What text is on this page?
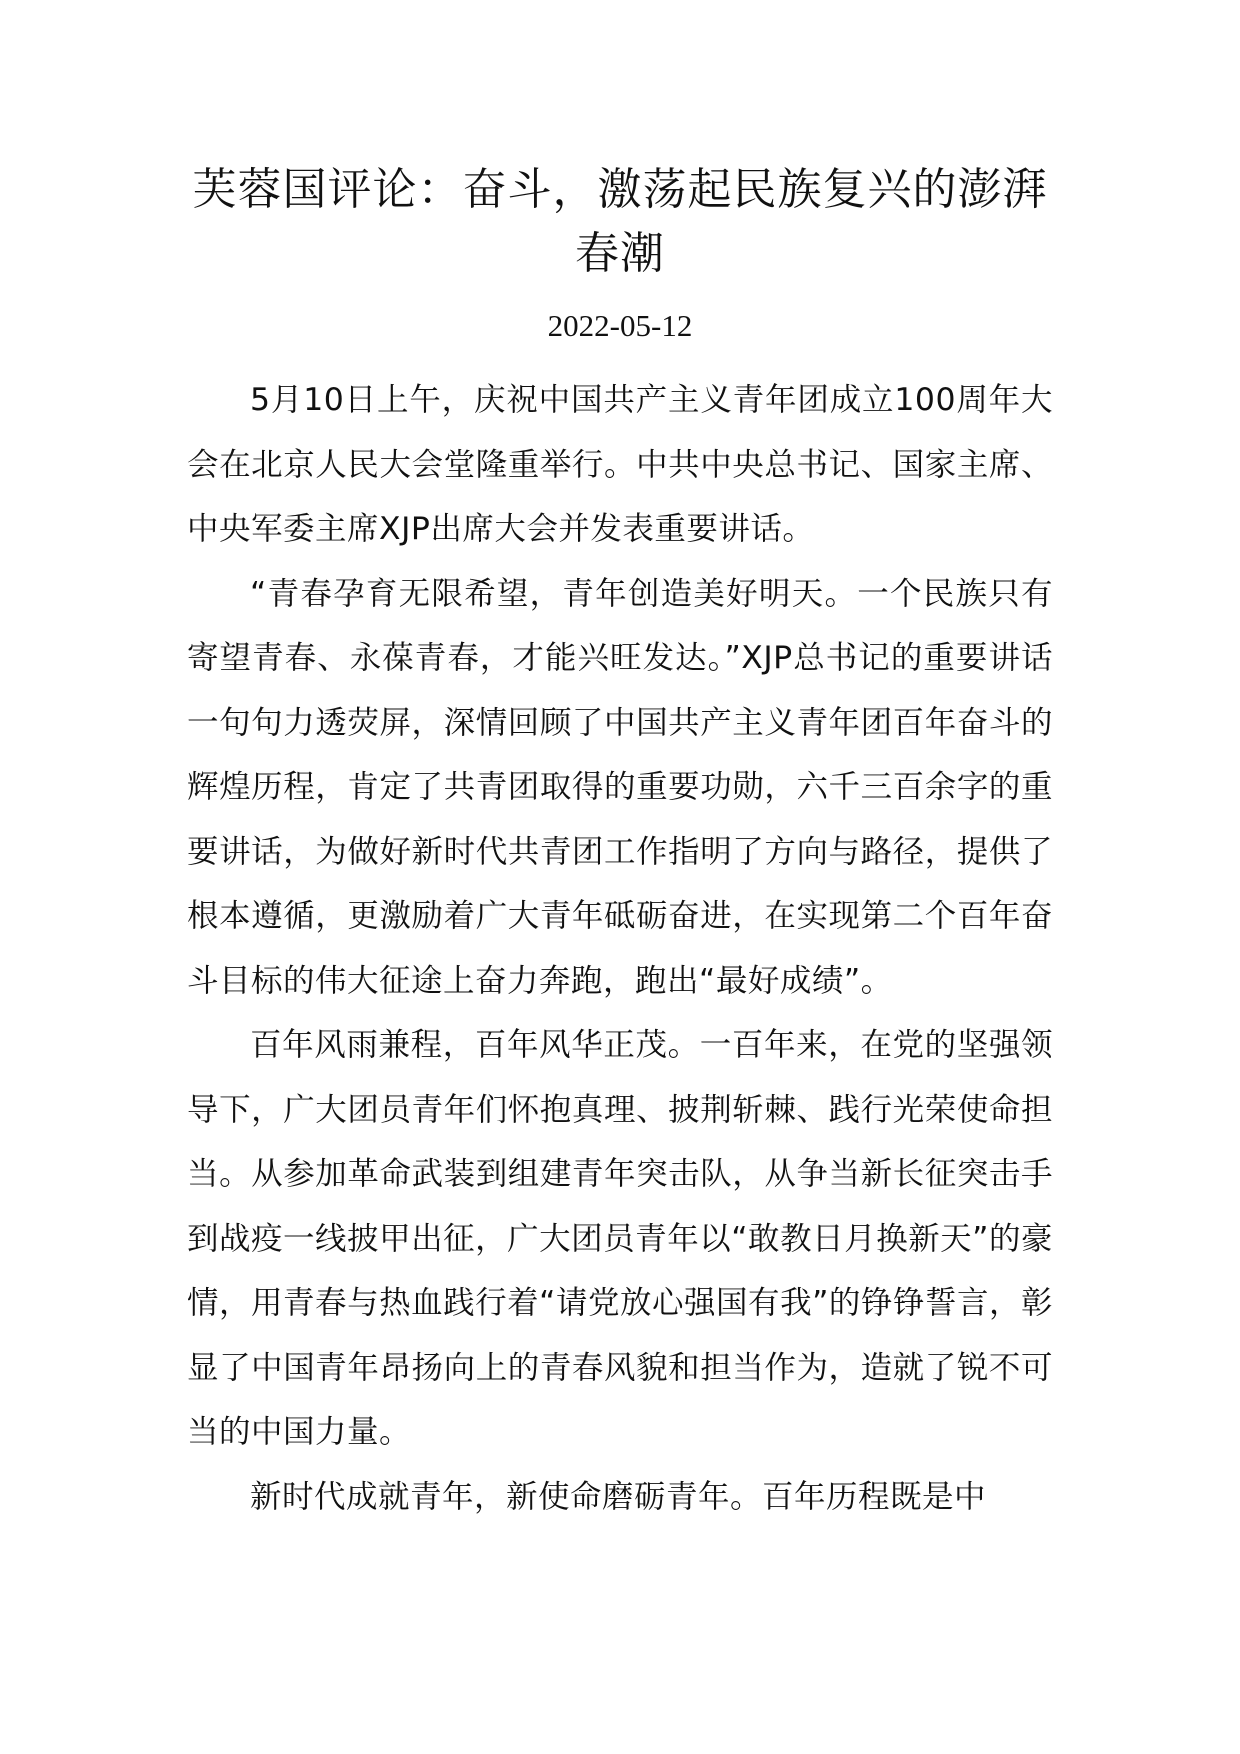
芙蓉国评论：奋斗，激荡起民族复兴的澎湃春潮
2022-05-12

5月10日上午，庆祝中国共产主义青年团成立100周年大会在北京人民大会堂隆重举行。中共中央总书记、国家主席、中央军委主席XJP出席大会并发表重要讲话。

“青春孕育无限希望，青年创造美好明天。一个民族只有寄望青春、永葆青春，才能兴旺发达。”XJP总书记的重要讲话一句句力透荧屏，深情回顾了中国共产主义青年团百年奋斗的辉煌历程，肯定了共青团取得的重要功勋，六千三百余字的重要讲话，为做好新时代共青团工作指明了方向与路径，提供了根本遵循，更激励着广大青年砥砺奋进，在实现第二个百年奋斗目标的伟大征途上奋力奔跑，跑出“最好成绩”。

百年风雨兼程，百年风华正茂。一百年来，在党的坚强领导下，广大团员青年们怀抱真理、披荆斩棘、践行光荣使命担当。从参加革命武装到组建青年突击队，从争当新长征突击手到战疫一线披甲出征，广大团员青年以“敢教日月换新天”的豪情，用青春与热血践行着“请党放心强国有我”的铮铮誓言，彰显了中国青年昂扬向上的青春风貌和担当作为，造就了锐不可当的中国力量。

新时代成就青年，新使命磨砺青年。百年历程既是中
